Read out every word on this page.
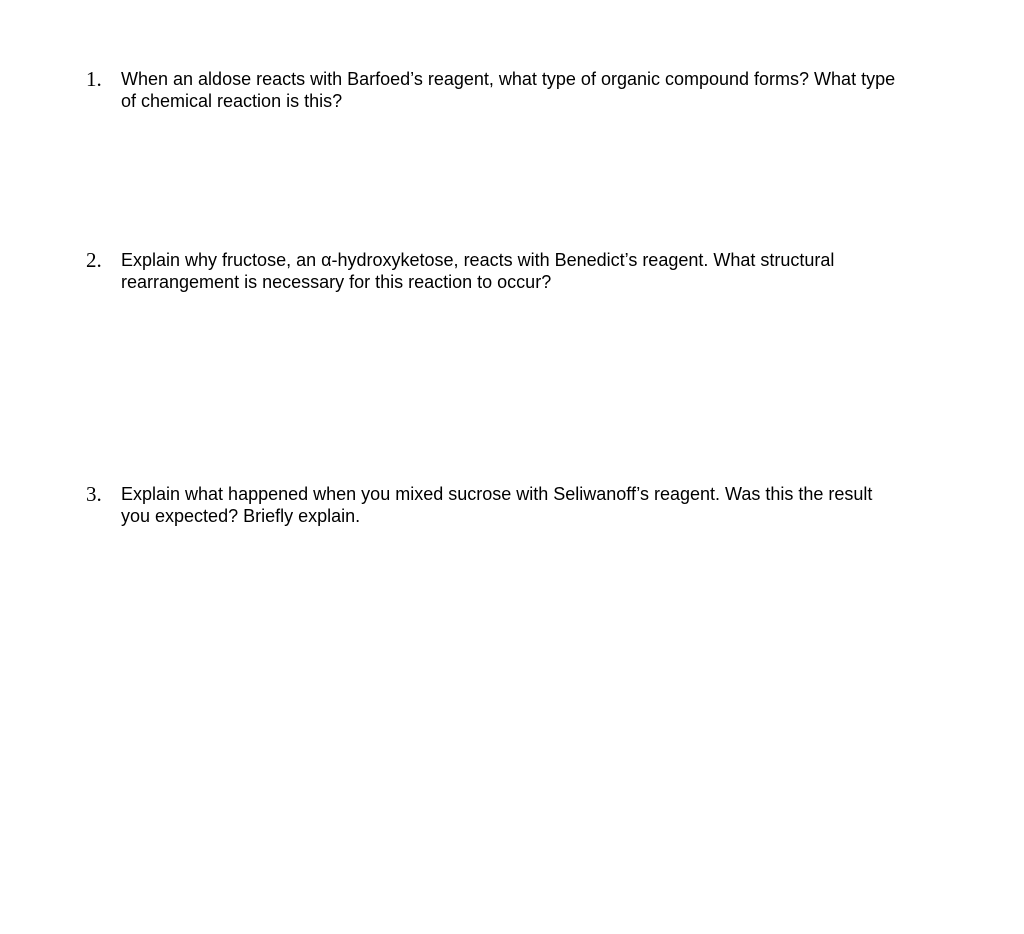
1.	When an aldose reacts with Barfoed’s reagent, what type of organic compound forms? What type
of chemical reaction is this?
2.	Explain why fructose, an α-hydroxyketose, reacts with Benedict’s reagent. What structural
rearrangement is necessary for this reaction to occur?
3.	Explain what happened when you mixed sucrose with Seliwanoff’s reagent. Was this the result
you expected? Briefly explain.
